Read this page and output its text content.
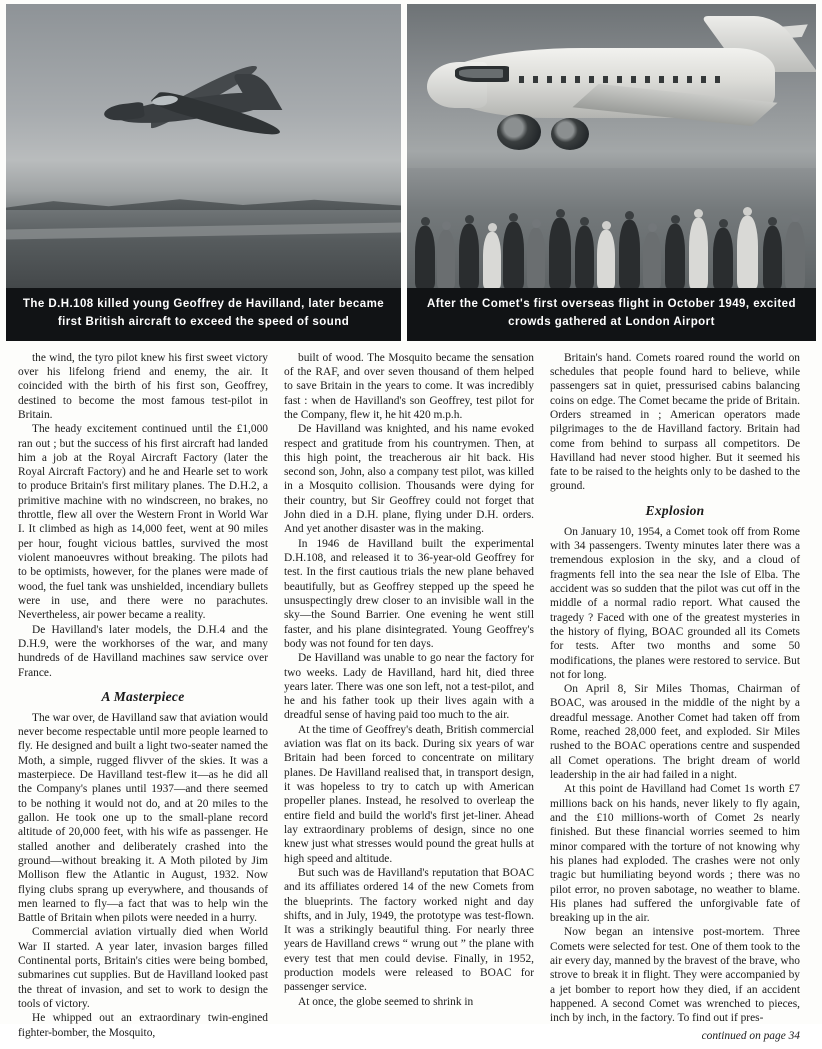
The D.H.108 killed young Geoffrey de Havilland, later became first British aircraft to exceed the speed of sound
After the Comet's first overseas flight in October 1949, excited crowds gathered at London Airport

the wind, the tyro pilot knew his first sweet victory over his lifelong friend and enemy, the air. It coincided with the birth of his first son, Geoffrey, destined to become the most famous test-pilot in Britain.

The heady excitement continued until the £1,000 ran out ; but the success of his first aircraft had landed him a job at the Royal Aircraft Factory (later the Royal Aircraft Factory) and he and Hearle set to work to produce Britain's first military planes. The D.H.2, a primitive machine with no windscreen, no brakes, no throttle, flew all over the Western Front in World War I. It climbed as high as 14,000 feet, went at 90 miles per hour, fought vicious battles, survived the most violent manoeuvres without breaking. The pilots had to be optimists, however, for the planes were made of wood, the fuel tank was unshielded, incendiary bullets were in use, and there were no parachutes. Nevertheless, air power became a reality.

De Havilland's later models, the D.H.4 and the D.H.9, were the workhorses of the war, and many hundreds of de Havilland machines saw service over France.

A Masterpiece

The war over, de Havilland saw that aviation would never become respectable until more people learned to fly. He designed and built a light two-seater named the Moth, a simple, rugged flivver of the skies. It was a masterpiece. De Havilland test-flew it—as he did all the Company's planes until 1937—and there seemed to be nothing it would not do, and at 20 miles to the gallon. He took one up to the small-plane record altitude of 20,000 feet, with his wife as passenger. He stalled another and deliberately crashed into the ground—without breaking it. A Moth piloted by Jim Mollison flew the Atlantic in August, 1932. Now flying clubs sprang up everywhere, and thousands of men learned to fly—a fact that was to help win the Battle of Britain when pilots were needed in a hurry.

Commercial aviation virtually died when World War II started. A year later, invasion barges filled Continental ports, Britain's cities were being bombed, submarines cut supplies. But de Havilland looked past the threat of invasion, and set to work to design the tools of victory.

He whipped out an extraordinary twin-engined fighter-bomber, the Mosquito,

built of wood. The Mosquito became the sensation of the RAF, and over seven thousand of them helped to save Britain in the years to come. It was incredibly fast : when de Havilland's son Geoffrey, test pilot for the Company, flew it, he hit 420 m.p.h.

De Havilland was knighted, and his name evoked respect and gratitude from his countrymen. Then, at this high point, the treacherous air hit back. His second son, John, also a company test pilot, was killed in a Mosquito collision. Thousands were dying for their country, but Sir Geoffrey could not forget that John died in a D.H. plane, flying under D.H. orders. And yet another disaster was in the making.

In 1946 de Havilland built the experimental D.H.108, and released it to 36-year-old Geoffrey for test. In the first cautious trials the new plane behaved beautifully, but as Geoffrey stepped up the speed he unsuspectingly drew closer to an invisible wall in the sky—the Sound Barrier. One evening he went still faster, and his plane disintegrated. Young Geoffrey's body was not found for ten days.

De Havilland was unable to go near the factory for two weeks. Lady de Havilland, hard hit, died three years later. There was one son left, not a test-pilot, and he and his father took up their lives again with a dreadful sense of having paid too much to the air.

At the time of Geoffrey's death, British commercial aviation was flat on its back. During six years of war Britain had been forced to concentrate on military planes. De Havilland realised that, in transport design, it was hopeless to try to catch up with American propeller planes. Instead, he resolved to overleap the entire field and build the world's first jet-liner. Ahead lay extraordinary problems of design, since no one knew just what stresses would pound the great hulls at high speed and altitude.

But such was de Havilland's reputation that BOAC and its affiliates ordered 14 of the new Comets from the blueprints. The factory worked night and day shifts, and in July, 1949, the prototype was test-flown. It was a strikingly beautiful thing. For nearly three years de Havilland crews “ wrung out ” the plane with every test that men could devise. Finally, in 1952, production models were released to BOAC for passenger service.

At once, the globe seemed to shrink in

Britain's hand. Comets roared round the world on schedules that people found hard to believe, while passengers sat in quiet, pressurised cabins balancing coins on edge. The Comet became the pride of Britain. Orders streamed in ; American operators made pilgrimages to the de Havilland factory. Britain had come from behind to surpass all competitors. De Havilland had never stood higher. But it seemed his fate to be raised to the heights only to be dashed to the ground.

Explosion

On January 10, 1954, a Comet took off from Rome with 34 passengers. Twenty minutes later there was a tremendous explosion in the sky, and a cloud of fragments fell into the sea near the Isle of Elba. The accident was so sudden that the pilot was cut off in the middle of a normal radio report. What caused the tragedy ? Faced with one of the greatest mysteries in the history of flying, BOAC grounded all its Comets for tests. After two months and some 50 modifications, the planes were restored to service. But not for long.

On April 8, Sir Miles Thomas, Chairman of BOAC, was aroused in the middle of the night by a dreadful message. Another Comet had taken off from Rome, reached 28,000 feet, and exploded. Sir Miles rushed to the BOAC operations centre and suspended all Comet operations. The bright dream of world leadership in the air had failed in a night.

At this point de Havilland had Comet 1s worth £7 millions back on his hands, never likely to fly again, and the £10 millions-worth of Comet 2s nearly finished. But these financial worries seemed to him minor compared with the torture of not knowing why his planes had exploded. The crashes were not only tragic but humiliating beyond words ; there was no pilot error, no proven sabotage, no weather to blame. His planes had suffered the unforgivable fate of breaking up in the air.

Now began an intensive post-mortem. Three Comets were selected for test. One of them took to the air every day, manned by the bravest of the brave, who strove to break it in flight. They were accompanied by a jet bomber to report how they died, if an accident happened. A second Comet was wrenched to pieces, inch by inch, in the factory. To find out if pres-

continued on page 34
